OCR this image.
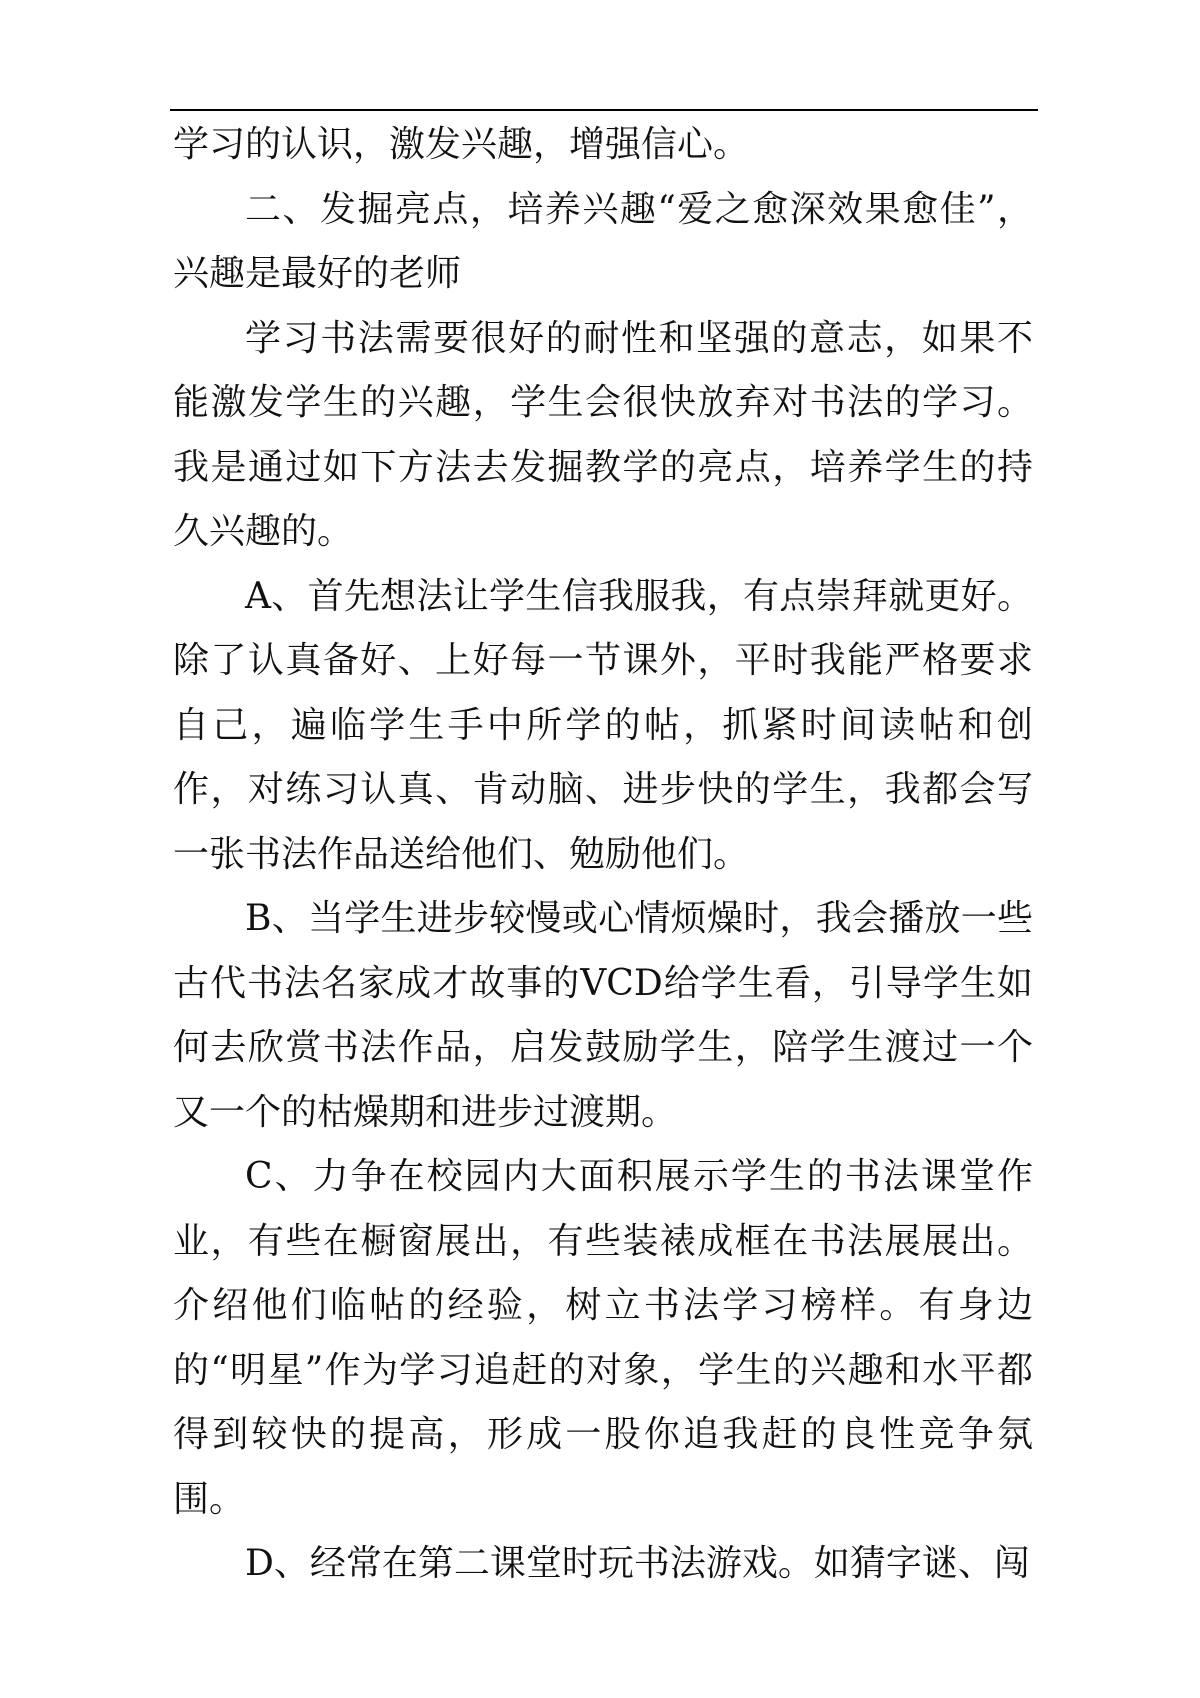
学习的认识，激发兴趣，增强信心。

二、发掘亮点，培养兴趣“爱之愈深效果愈佳”，兴趣是最好的老师

学习书法需要很好的耐性和坚强的意志，如果不能激发学生的兴趣，学生会很快放弃对书法的学习。我是通过如下方法去发掘教学的亮点，培养学生的持久兴趣的。

A、首先想法让学生信我服我，有点崇拜就更好。除了认真备好、上好每一节课外，平时我能严格要求自己，遍临学生手中所学的帖，抓紧时间读帖和创作，对练习认真、肯动脑、进步快的学生，我都会写一张书法作品送给他们、勉励他们。

B、当学生进步较慢或心情烦燥时，我会播放一些古代书法名家成才故事的VCD给学生看，引导学生如何去欣赏书法作品，启发鼓励学生，陪学生渡过一个又一个的枯燥期和进步过渡期。

C、力争在校园内大面积展示学生的书法课堂作业，有些在橱窗展出，有些装裱成框在书法展展出。介绍他们临帖的经验，树立书法学习榜样。有身边的“明星”作为学习追赶的对象，学生的兴趣和水平都得到较快的提高，形成一股你追我赶的良性竞争氛围。

D、经常在第二课堂时玩书法游戏。如猜字谜、闯
